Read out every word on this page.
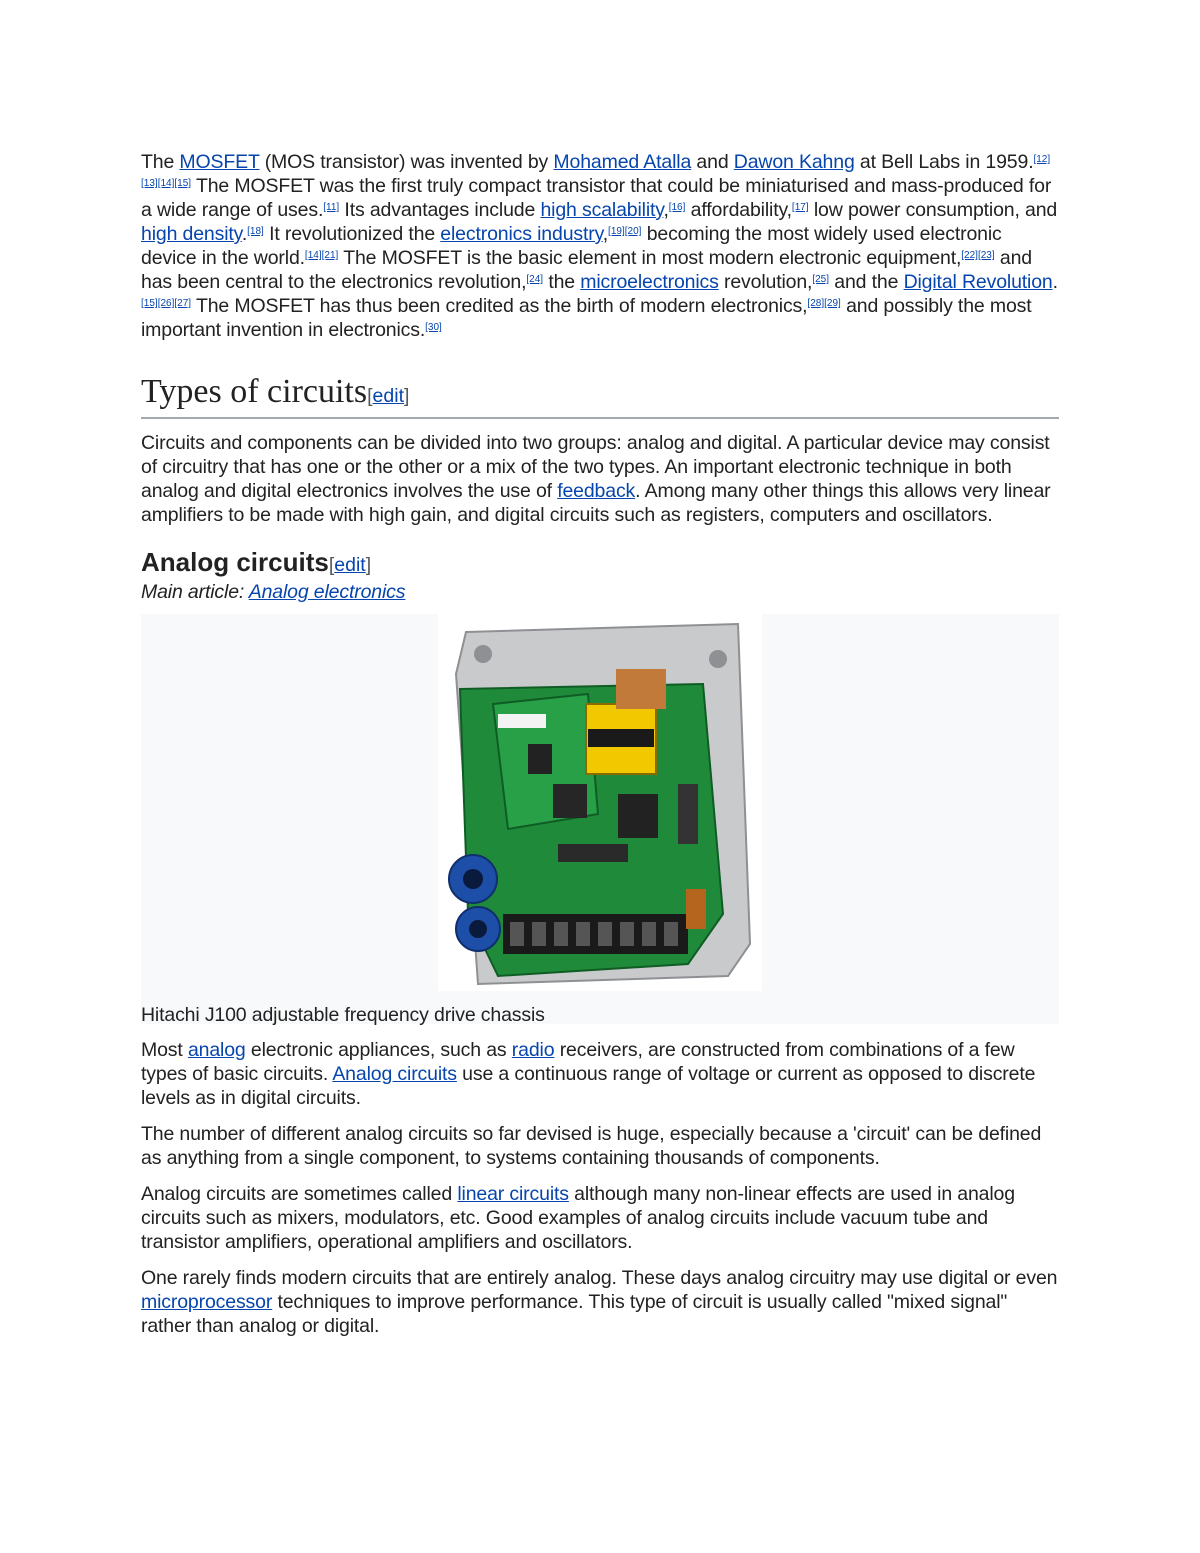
The MOSFET (MOS transistor) was invented by Mohamed Atalla and Dawon Kahng at Bell Labs in 1959.[12][13][14][15] The MOSFET was the first truly compact transistor that could be miniaturised and mass-produced for a wide range of uses.[11] Its advantages include high scalability,[16] affordability,[17] low power consumption, and high density.[18] It revolutionized the electronics industry,[19][20] becoming the most widely used electronic device in the world.[14][21] The MOSFET is the basic element in most modern electronic equipment,[22][23] and has been central to the electronics revolution,[24] the microelectronics revolution,[25] and the Digital Revolution.[15][26][27] The MOSFET has thus been credited as the birth of modern electronics,[28][29] and possibly the most important invention in electronics.[30]

Types of circuits[edit]

Circuits and components can be divided into two groups: analog and digital. A particular device may consist of circuitry that has one or the other or a mix of the two types. An important electronic technique in both analog and digital electronics involves the use of feedback. Among many other things this allows very linear amplifiers to be made with high gain, and digital circuits such as registers, computers and oscillators.

Analog circuits[edit]

Main article: Analog electronics

Hitachi J100 adjustable frequency drive chassis

Most analog electronic appliances, such as radio receivers, are constructed from combinations of a few types of basic circuits. Analog circuits use a continuous range of voltage or current as opposed to discrete levels as in digital circuits.

The number of different analog circuits so far devised is huge, especially because a 'circuit' can be defined as anything from a single component, to systems containing thousands of components.

Analog circuits are sometimes called linear circuits although many non-linear effects are used in analog circuits such as mixers, modulators, etc. Good examples of analog circuits include vacuum tube and transistor amplifiers, operational amplifiers and oscillators.

One rarely finds modern circuits that are entirely analog. These days analog circuitry may use digital or even microprocessor techniques to improve performance. This type of circuit is usually called "mixed signal" rather than analog or digital.
